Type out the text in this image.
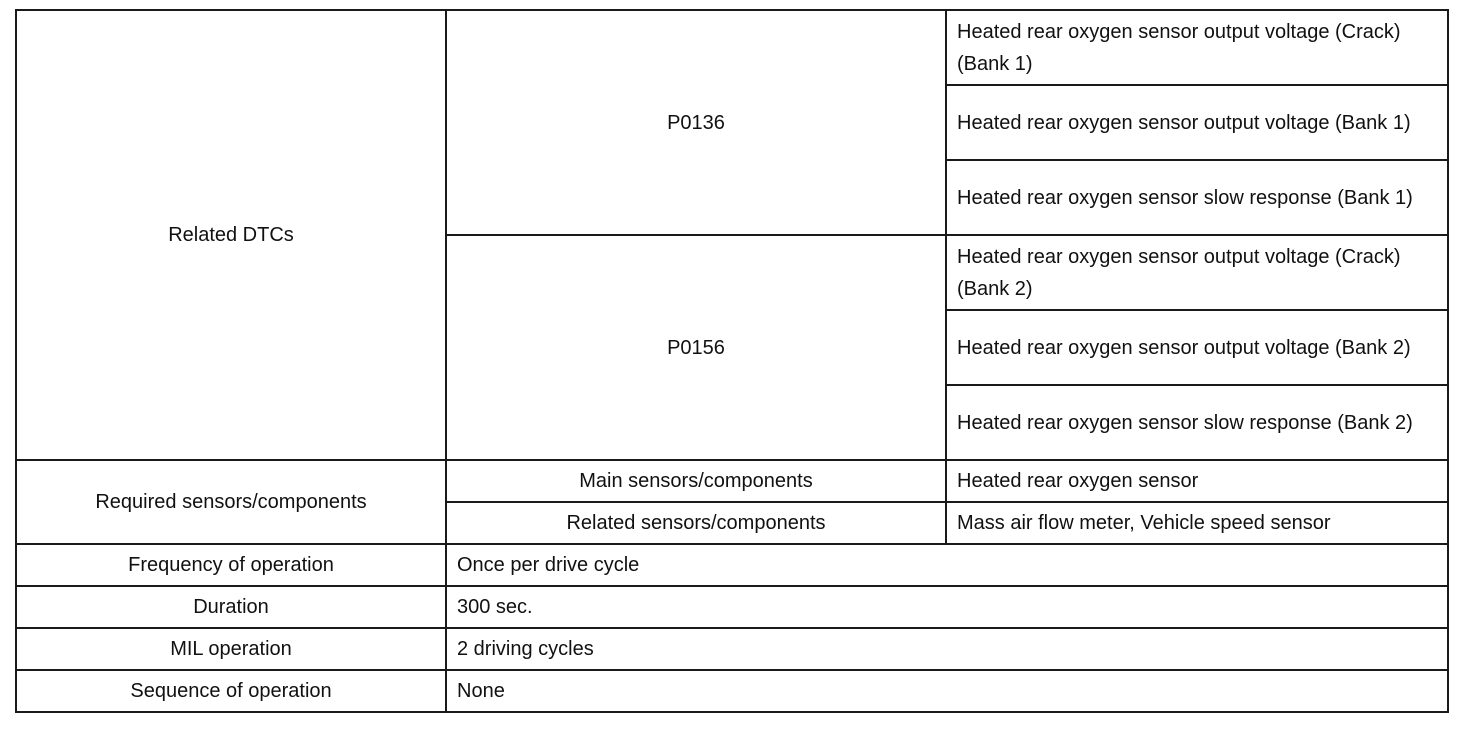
Related DTCs	P0136	Heated rear oxygen sensor output voltage (Crack) (Bank 1)
		Heated rear oxygen sensor output voltage (Bank 1)
		Heated rear oxygen sensor slow response (Bank 1)
	P0156	Heated rear oxygen sensor output voltage (Crack) (Bank 2)
		Heated rear oxygen sensor output voltage (Bank 2)
		Heated rear oxygen sensor slow response (Bank 2)
Required sensors/components	Main sensors/components	Heated rear oxygen sensor
	Related sensors/components	Mass air flow meter, Vehicle speed sensor
Frequency of operation	Once per drive cycle	
Duration	300 sec.	
MIL operation	2 driving cycles	
Sequence of operation	None	
